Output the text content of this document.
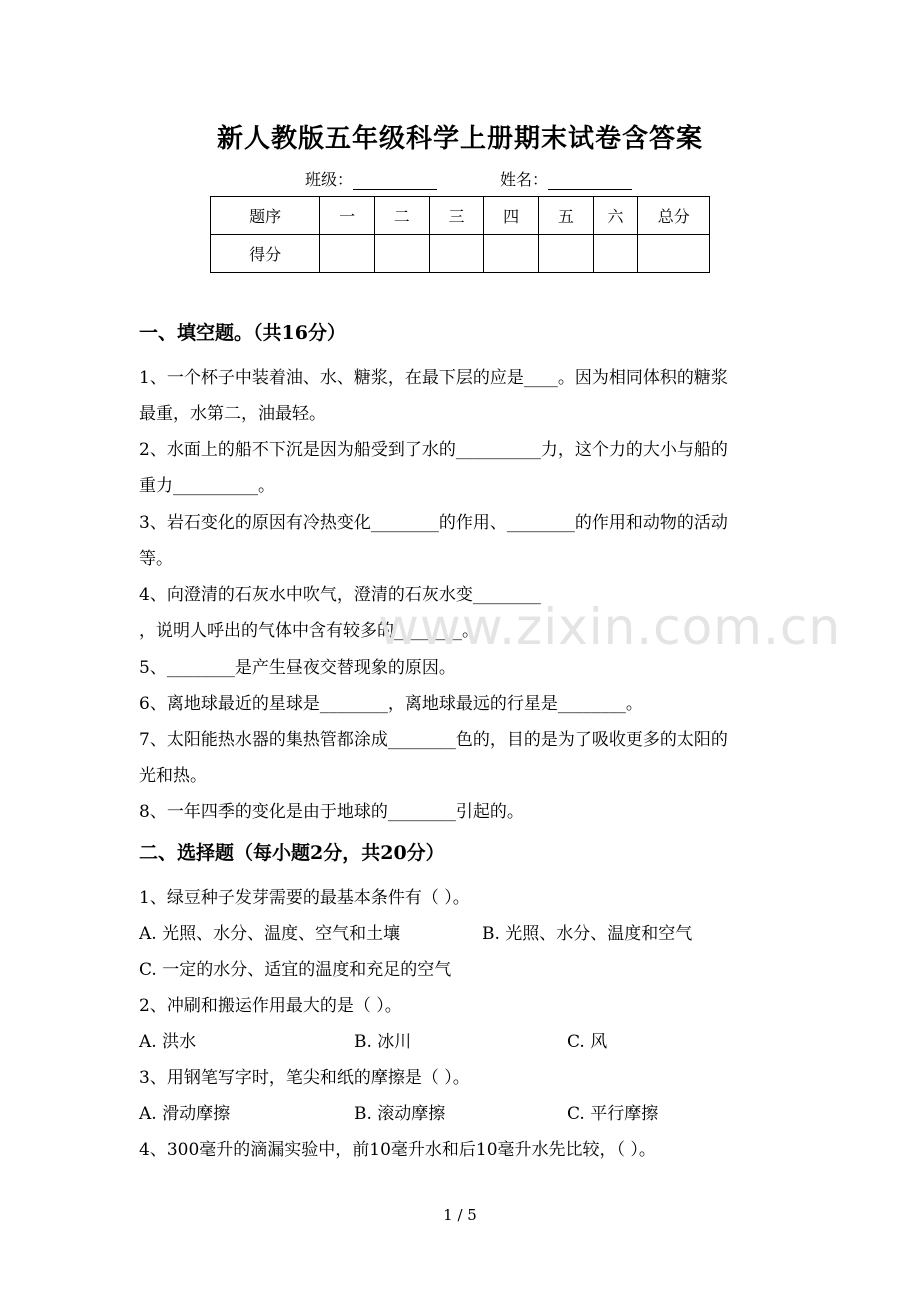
新人教版五年级科学上册期末试卷含答案
班级：	姓名：
题序	一	二	三	四	五	六	总分
得分							
一、填空题。（共16分）
1、一个杯子中装着油、水、糖浆，在最下层的应是____。因为相同体积的糖浆
最重，水第二，油最轻。
2、水面上的船不下沉是因为船受到了水的__________力，这个力的大小与船的
重力__________。
3、岩石变化的原因有冷热变化________的作用、________的作用和动物的活动
等。
4、向澄清的石灰水中吹气，澄清的石灰水变________
，说明人呼出的气体中含有较多的________。
5、________是产生昼夜交替现象的原因。
6、离地球最近的星球是________，离地球最远的行星是________。
7、太阳能热水器的集热管都涂成________色的，目的是为了吸收更多的太阳的
光和热。
8、一年四季的变化是由于地球的________引起的。
二、选择题（每小题2分，共20分）
1、绿豆种子发芽需要的最基本条件有（ ）。
A. 光照、水分、温度、空气和土壤	B. 光照、水分、温度和空气
C. 一定的水分、适宜的温度和充足的空气
2、冲刷和搬运作用最大的是（ ）。
A. 洪水	B. 冰川	C. 风
3、用钢笔写字时，笔尖和纸的摩擦是（ ）。
A. 滑动摩擦	B. 滚动摩擦	C. 平行摩擦
4、300毫升的滴漏实验中，前10毫升水和后10毫升水先比较，（ ）。
www.zixin.com.cn
1 / 5
